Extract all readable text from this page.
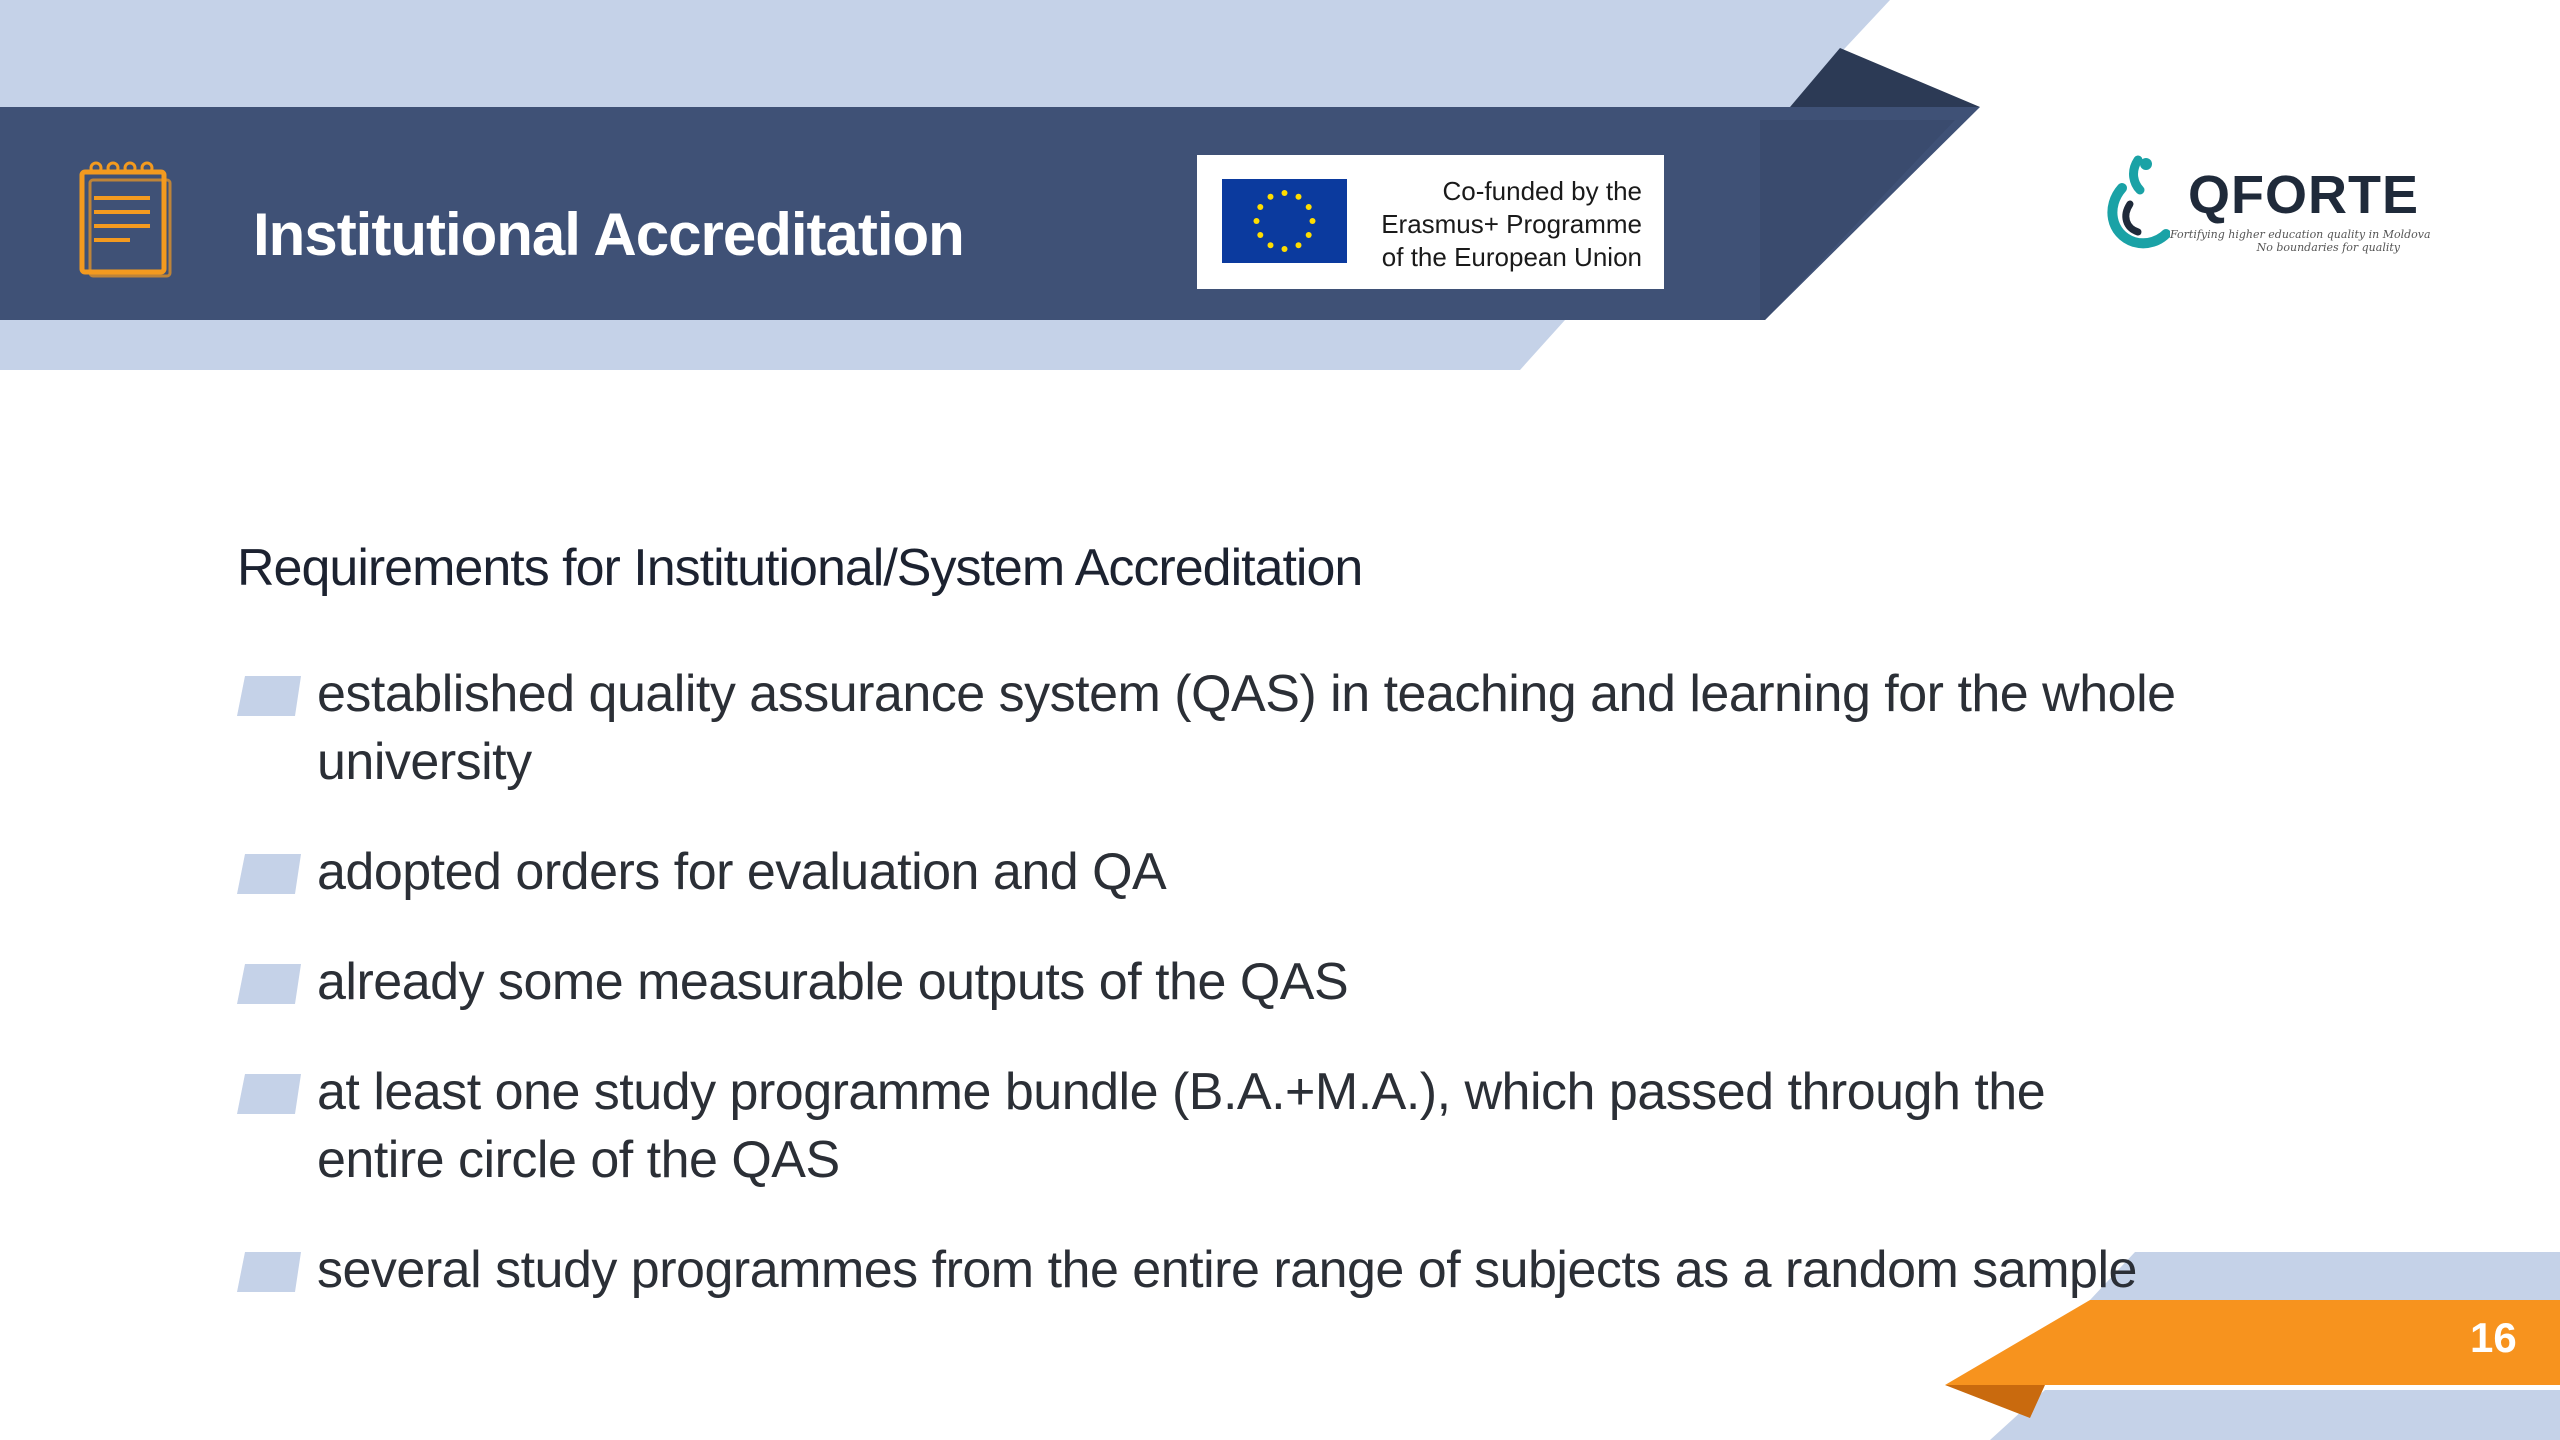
Institutional Accreditation
Co-funded by the
Erasmus+ Programme
of the European Union
QFORTE
Fortifying higher education quality in Moldova
No boundaries for quality
Requirements for Institutional/System Accreditation
established quality assurance system (QAS) in teaching and learning for the whole university
adopted orders for evaluation and QA
already some measurable outputs of the QAS
at least one study programme bundle (B.A.+M.A.), which passed through the entire circle of the QAS
several study programmes from the entire range of subjects as a random sample
16
